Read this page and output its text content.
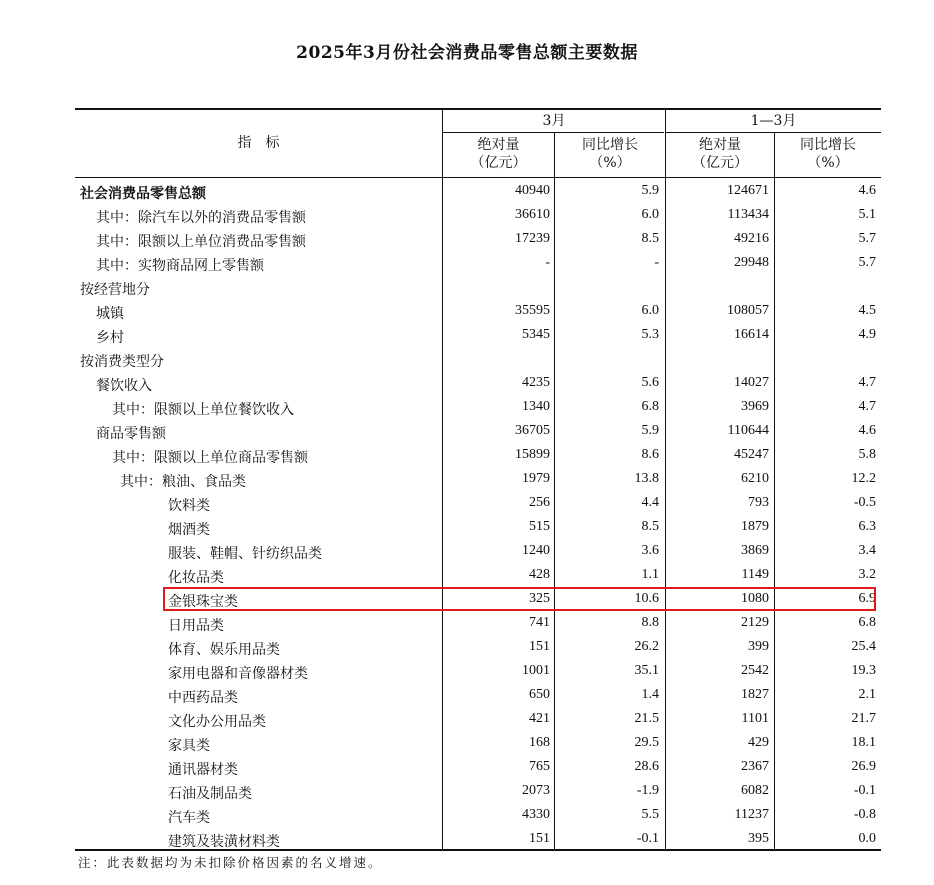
2025年3月份社会消费品零售总额主要数据
指　标
3月	1—3月
绝对量
（亿元）
同比增长
（%）
绝对量
（亿元）
同比增长
（%）
社会消费品零售总额	40940	5.9	124671	4.6
其中：除汽车以外的消费品零售额	36610	6.0	113434	5.1
其中：限额以上单位消费品零售额	17239	8.5	49216	5.7
其中：实物商品网上零售额	-	-	29948	5.7
按经营地分
城镇	35595	6.0	108057	4.5
乡村	5345	5.3	16614	4.9
按消费类型分
餐饮收入	4235	5.6	14027	4.7
其中：限额以上单位餐饮收入	1340	6.8	3969	4.7
商品零售额	36705	5.9	110644	4.6
其中：限额以上单位商品零售额	15899	8.6	45247	5.8
其中：粮油、食品类	1979	13.8	6210	12.2
饮料类	256	4.4	793	-0.5
烟酒类	515	8.5	1879	6.3
服装、鞋帽、针纺织品类	1240	3.6	3869	3.4
化妆品类	428	1.1	1149	3.2
金银珠宝类	325	10.6	1080	6.9
日用品类	741	8.8	2129	6.8
体育、娱乐用品类	151	26.2	399	25.4
家用电器和音像器材类	1001	35.1	2542	19.3
中西药品类	650	1.4	1827	2.1
文化办公用品类	421	21.5	1101	21.7
家具类	168	29.5	429	18.1
通讯器材类	765	28.6	2367	26.9
石油及制品类	2073	-1.9	6082	-0.1
汽车类	4330	5.5	11237	-0.8
建筑及装潢材料类	151	-0.1	395	0.0
注：此表数据均为未扣除价格因素的名义增速。
